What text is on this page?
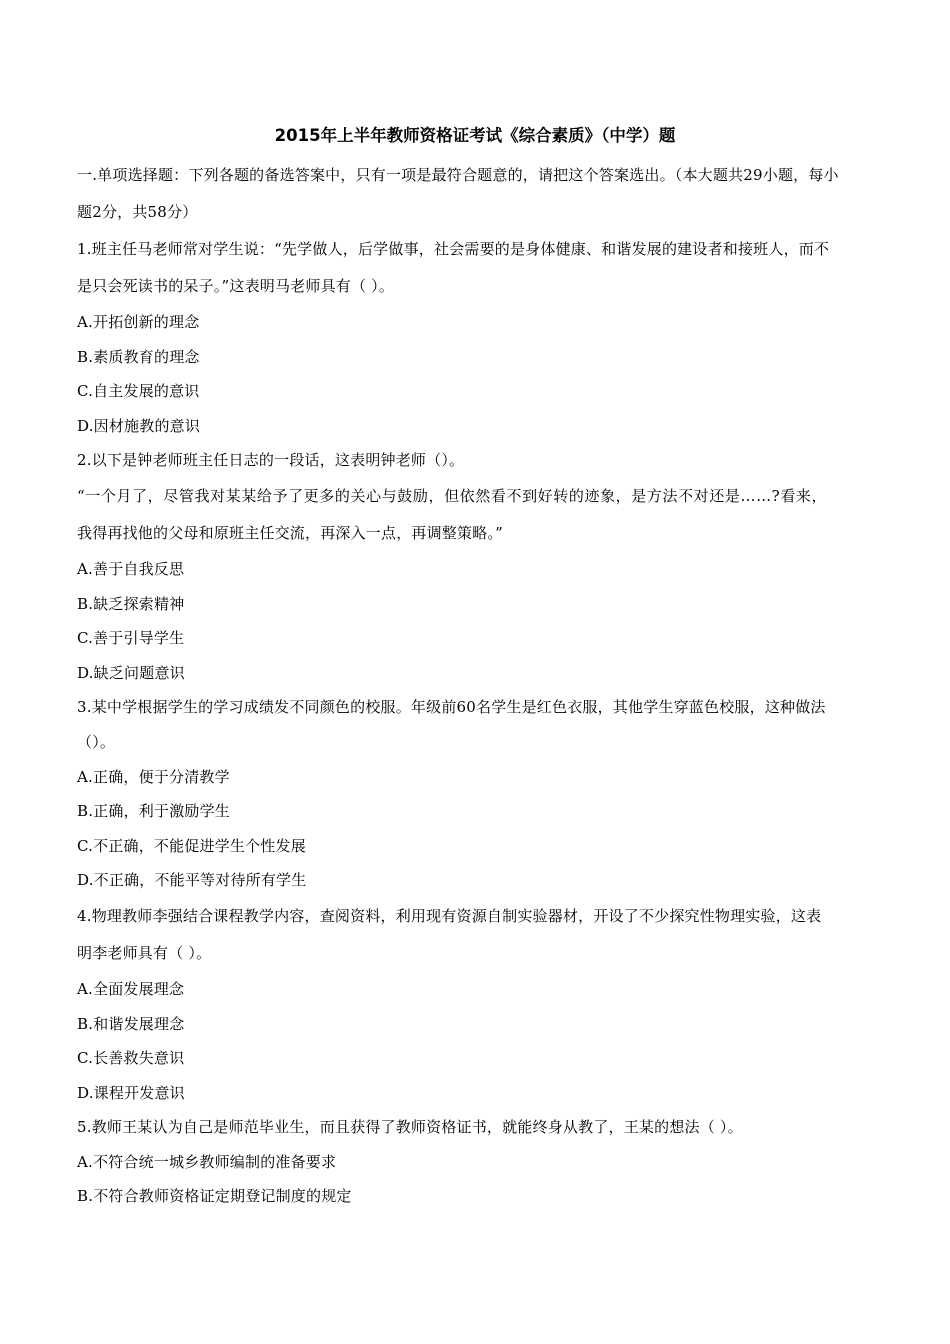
2015年上半年教师资格证考试《综合素质》（中学）题
一.单项选择题：下列各题的备选答案中，只有一项是最符合题意的，请把这个答案选出。（本大题共29小题，每小
题2分，共58分）
1.班主任马老师常对学生说：“先学做人，后学做事，社会需要的是身体健康、和谐发展的建设者和接班人，而不
是只会死读书的呆子。”这表明马老师具有（ ）。
A.开拓创新的理念
B.素质教育的理念
C.自主发展的意识
D.因材施教的意识
2.以下是钟老师班主任日志的一段话，这表明钟老师（）。
“一个月了，尽管我对某某给予了更多的关心与鼓励，但依然看不到好转的迹象，是方法不对还是……?看来，
我得再找他的父母和原班主任交流，再深入一点，再调整策略。”
A.善于自我反思
B.缺乏探索精神
C.善于引导学生
D.缺乏问题意识
3.某中学根据学生的学习成绩发不同颜色的校服。年级前60名学生是红色衣服，其他学生穿蓝色校服，这种做法
（）。
A.正确，便于分清教学
B.正确，利于激励学生
C.不正确，不能促进学生个性发展
D.不正确，不能平等对待所有学生
4.物理教师李强结合课程教学内容，查阅资料，利用现有资源自制实验器材，开设了不少探究性物理实验，这表
明李老师具有（ ）。
A.全面发展理念
B.和谐发展理念
C.长善救失意识
D.课程开发意识
5.教师王某认为自己是师范毕业生，而且获得了教师资格证书，就能终身从教了，王某的想法（ ）。
A.不符合统一城乡教师编制的准备要求
B.不符合教师资格证定期登记制度的规定
